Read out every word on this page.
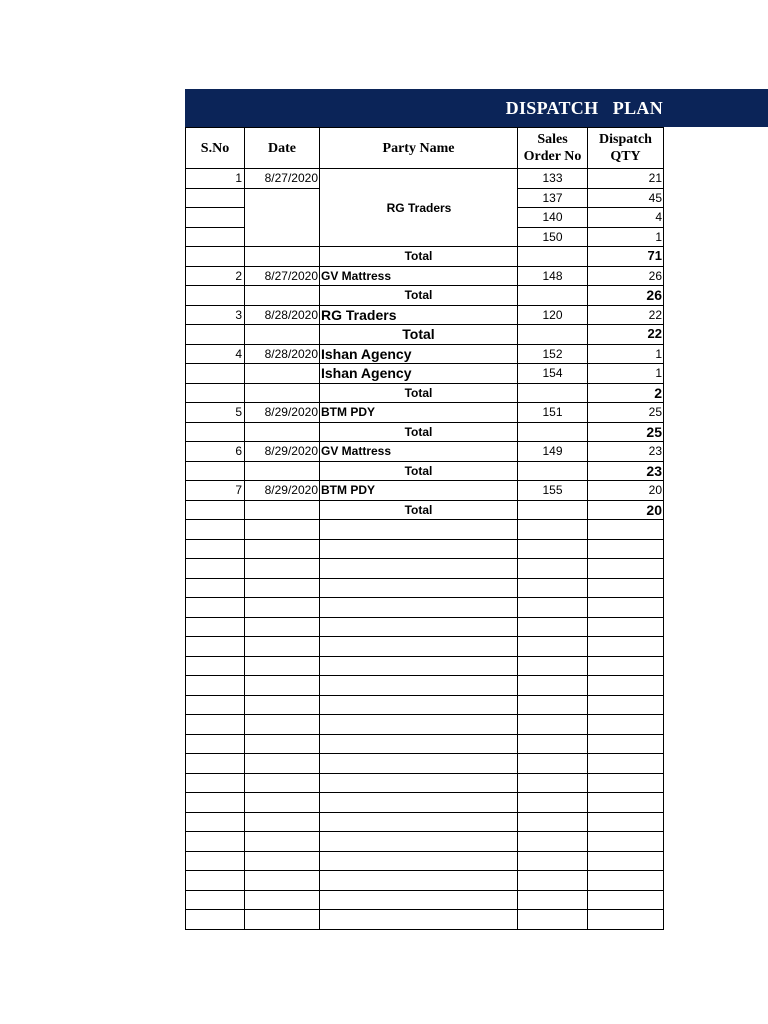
DISPATCH   PLAN
S.No	Date	Party Name	Sales Order No	Dispatch QTY
1	8/27/2020	RG Traders	133	21
			137	45
			140	4
			150	1
		Total		71
2	8/27/2020	GV Mattress	148	26
		Total		26
3	8/28/2020	RG Traders	120	22
		Total		22
4	8/28/2020	Ishan Agency	152	1
		Ishan Agency	154	1
		Total		2
5	8/29/2020	BTM PDY	151	25
		Total		25
6	8/29/2020	GV Mattress	149	23
		Total		23
7	8/29/2020	BTM PDY	155	20
		Total		20
